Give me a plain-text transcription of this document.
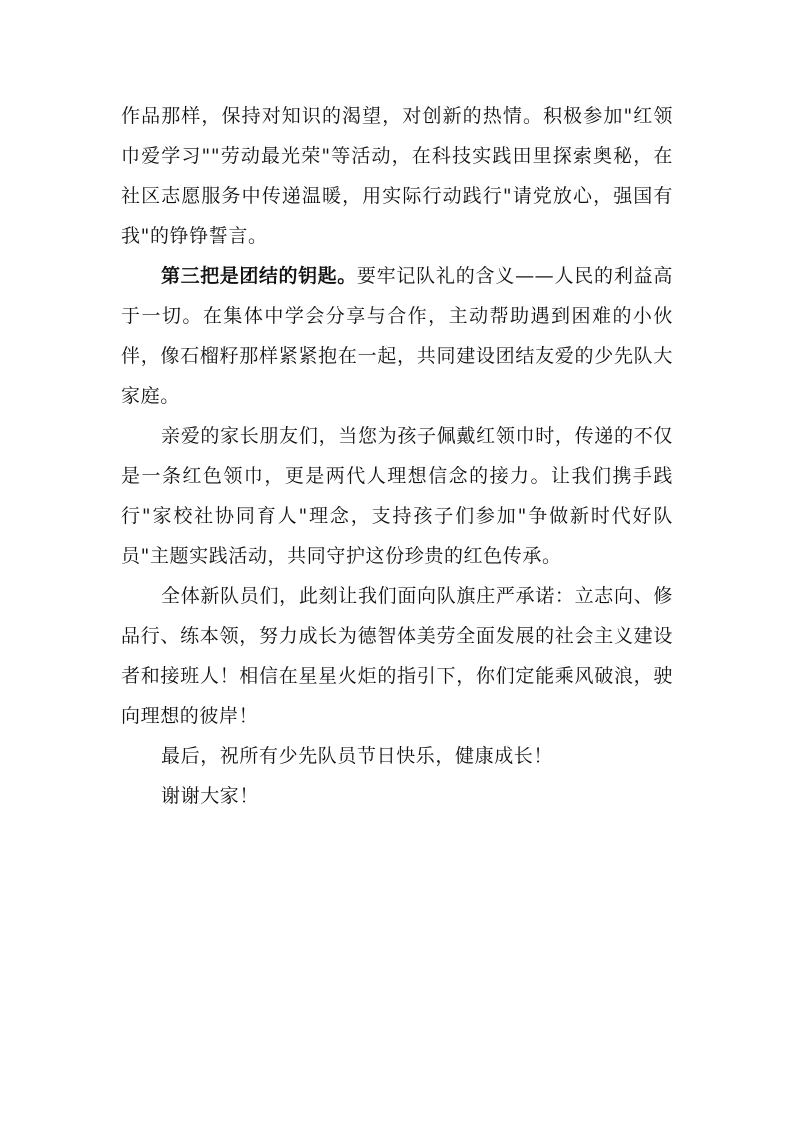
作品那样，保持对知识的渴望，对创新的热情。积极参加"红领巾爱学习""劳动最光荣"等活动，在科技实践田里探索奥秘，在社区志愿服务中传递温暖，用实际行动践行"请党放心，强国有我"的铮铮誓言。

第三把是团结的钥匙。要牢记队礼的含义——人民的利益高于一切。在集体中学会分享与合作，主动帮助遇到困难的小伙伴，像石榴籽那样紧紧抱在一起，共同建设团结友爱的少先队大家庭。

亲爱的家长朋友们，当您为孩子佩戴红领巾时，传递的不仅是一条红色领巾，更是两代人理想信念的接力。让我们携手践行"家校社协同育人"理念，支持孩子们参加"争做新时代好队员"主题实践活动，共同守护这份珍贵的红色传承。

全体新队员们，此刻让我们面向队旗庄严承诺：立志向、修品行、练本领，努力成长为德智体美劳全面发展的社会主义建设者和接班人！相信在星星火炬的指引下，你们定能乘风破浪，驶向理想的彼岸！

最后，祝所有少先队员节日快乐，健康成长！

谢谢大家！
